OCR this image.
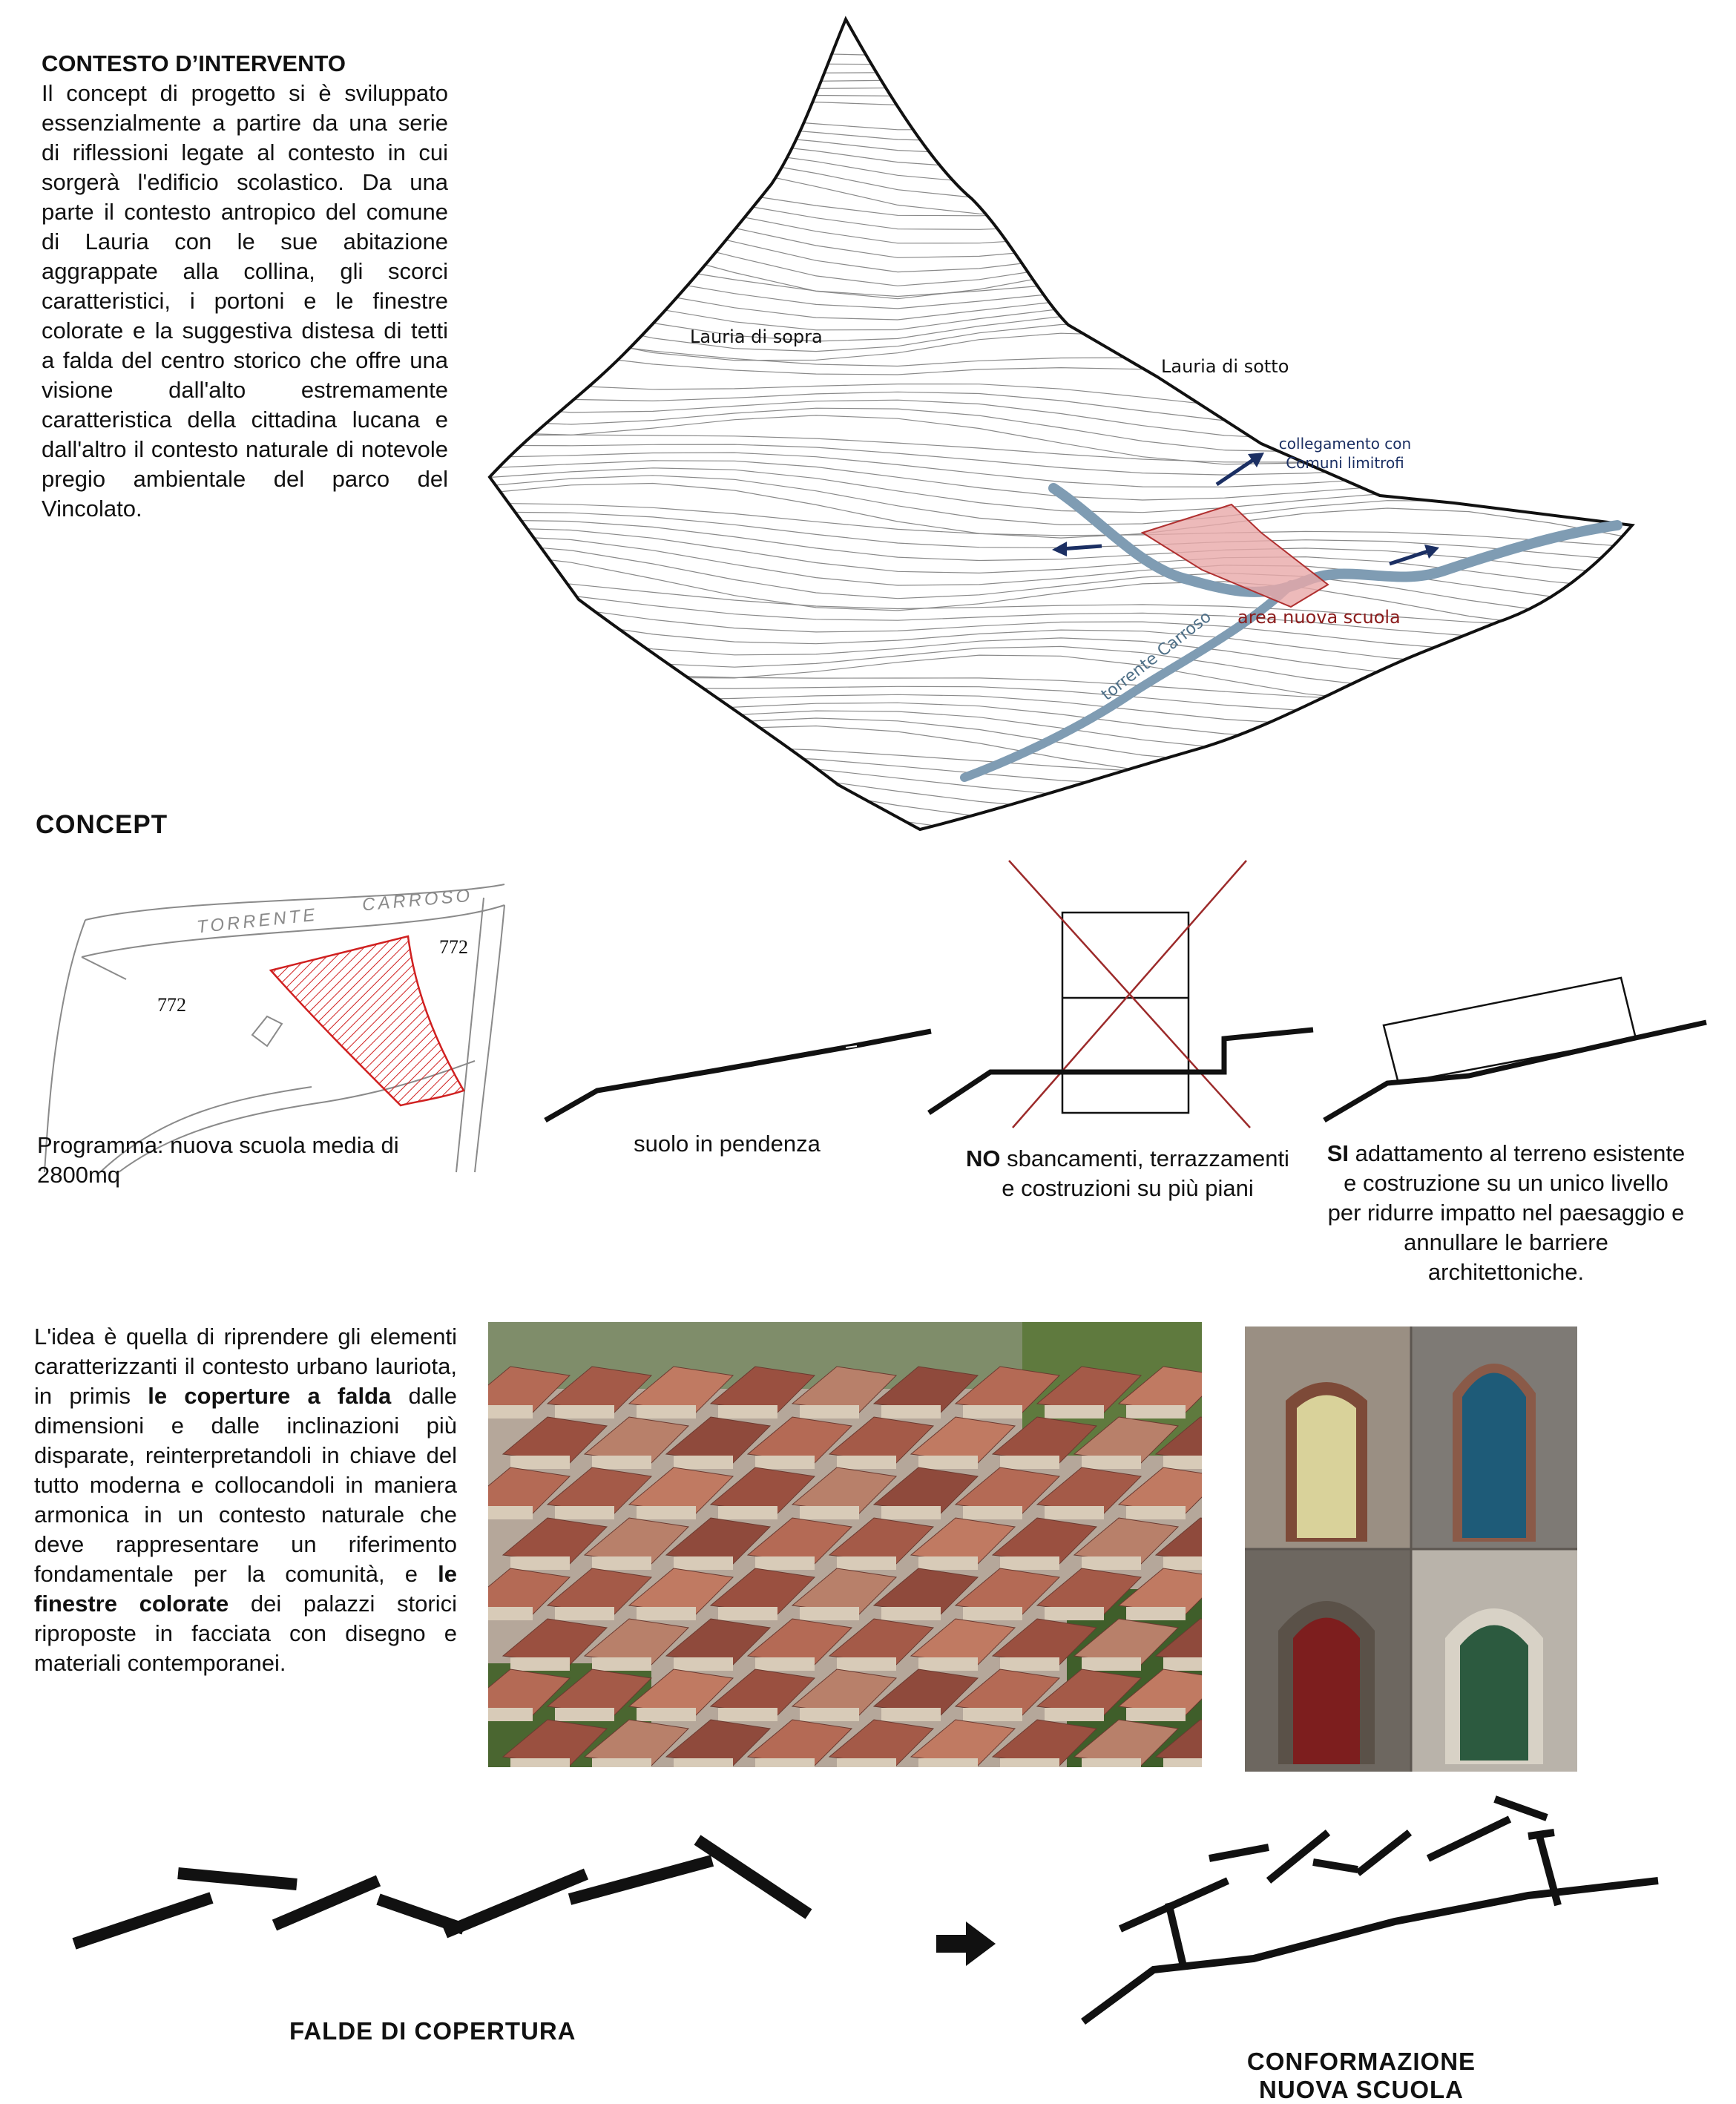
CONTESTO D’INTERVENTO
Il concept di progetto si è sviluppato essenzialmente a partire da una serie di riflessioni legate al contesto in cui sorgerà l'edificio scolastico. Da una parte il contesto antropico del comune di Lauria con le sue abitazione aggrappate alla collina, gli scorci caratteristici, i portoni e le finestre colorate e la suggestiva distesa di tetti a falda del centro storico che offre una visione dall'alto estremamente caratteristica della cittadina lucana e dall'altro il contesto naturale di notevole pregio ambientale del parco del Vincolato.
Lauria di sopra
Lauria di sotto
collegamento con Comuni limitrofi
area nuova scuola
torrente Carroso
CONCEPT
TORRENTE
CARROSO
772
772
Programma: nuova scuola media di 2800mq
suolo in pendenza
NO sbancamenti, terrazzamenti e costruzioni su più piani
SI adattamento al terreno esistente e costruzione su un unico livello per ridurre impatto nel paesaggio e annullare le barriere architettoniche.
L'idea è quella di riprendere gli elementi caratterizzanti il contesto urbano lauriota, in primis le coperture a falda dalle dimensioni e dalle inclinazioni più disparate, reinterpretandoli in chiave del tutto moderna e collocandoli in maniera armonica in un contesto naturale che deve rappresentare un riferimento fondamentale per la comunità, e le finestre colorate dei palazzi storici riproposte in facciata con disegno e materiali contemporanei.
FALDE DI COPERTURA
CONFORMAZIONE NUOVA SCUOLA
